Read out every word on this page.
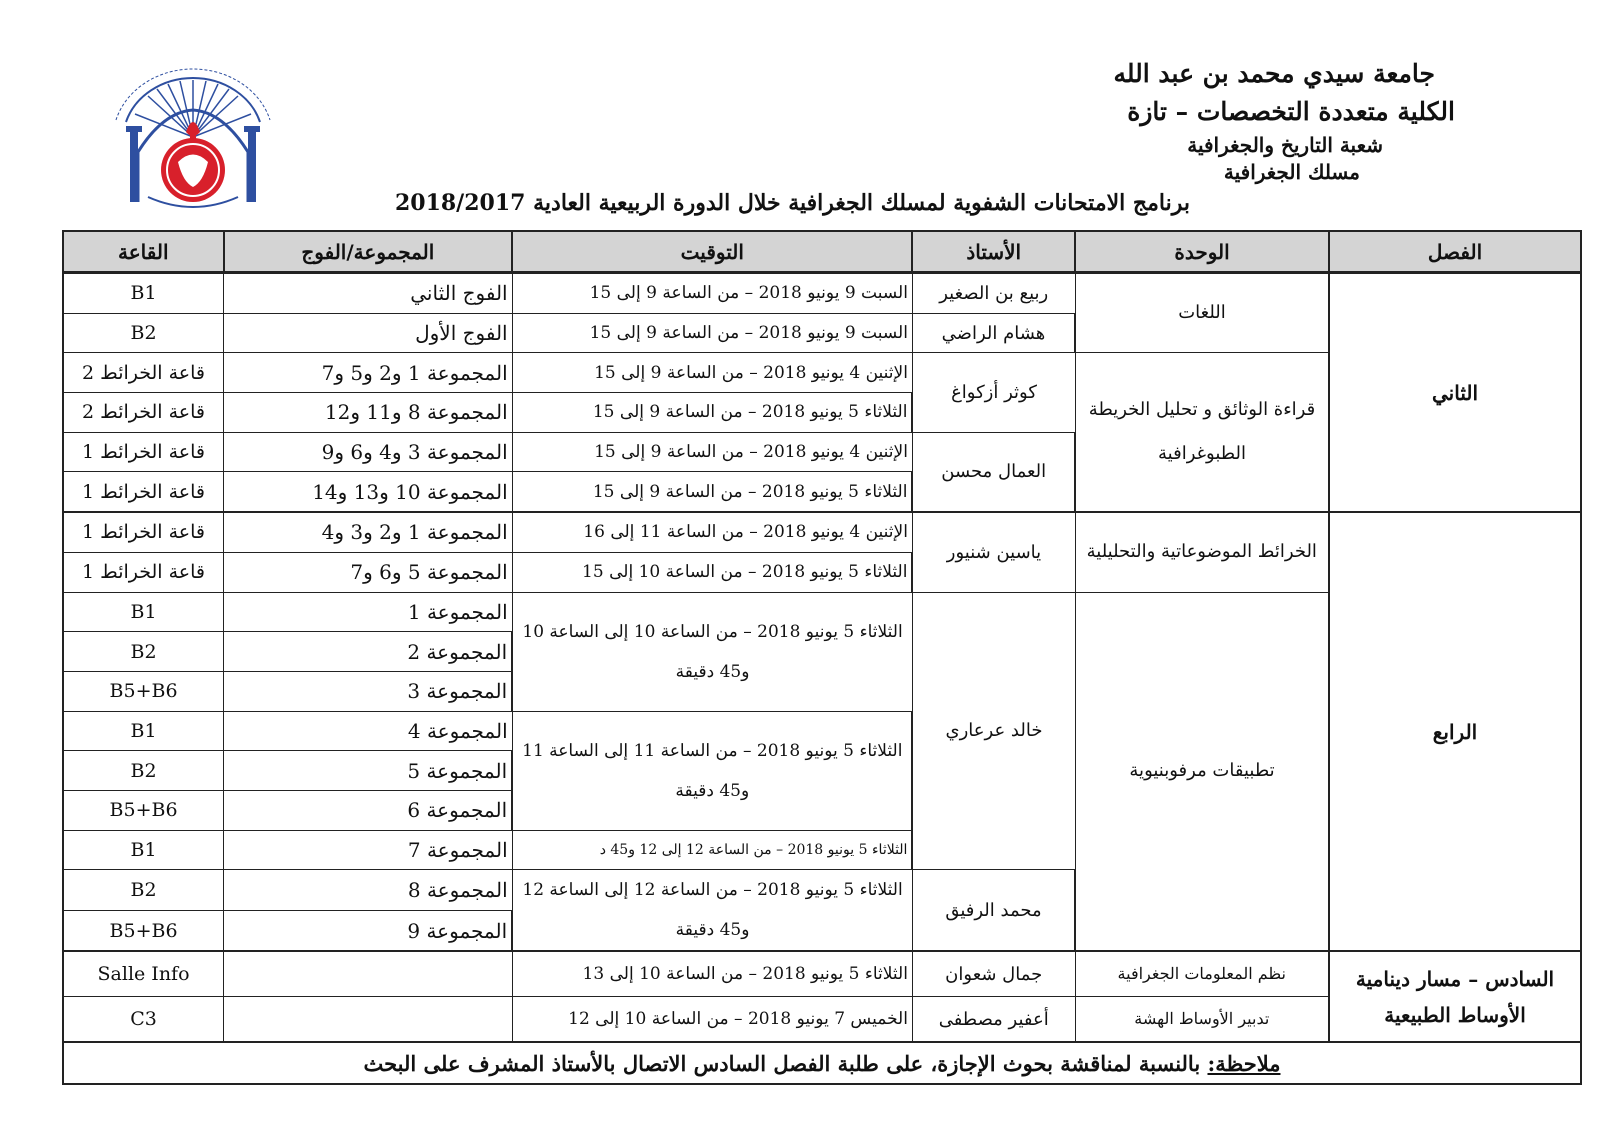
جامعة سيدي محمد بن عبد الله
الكلية متعددة التخصصات – تازة
شعبة التاريخ والجغرافية
مسلك الجغرافية
برنامج الامتحانات الشفوية لمسلك الجغرافية خلال الدورة الربيعية العادية 2018/2017
الفصل	الوحدة	الأستاذ	التوقيت	المجموعة/الفوج	القاعة
الثاني	اللغات	ربيع بن الصغير	السبت 9 يونيو 2018 – من الساعة 9 إلى 15	الفوج الثاني	B1
		هشام الراضي	السبت 9 يونيو 2018 – من الساعة 9 إلى 15	الفوج الأول	B2
	قراءة الوثائق و تحليل الخريطة الطبوغرافية	كوثر أزكواغ	الإثنين 4 يونيو 2018 – من الساعة 9 إلى 15	المجموعة 1 و2 و5 و7	قاعة الخرائط 2
			الثلاثاء 5 يونيو 2018 – من الساعة 9 إلى 15	المجموعة 8 و11 و12	قاعة الخرائط 2
		العمال محسن	الإثنين 4 يونيو 2018 – من الساعة 9 إلى 15	المجموعة 3 و4 و6 و9	قاعة الخرائط 1
			الثلاثاء 5 يونيو 2018 – من الساعة 9 إلى 15	المجموعة 10 و13 و14	قاعة الخرائط 1
الرابع	الخرائط الموضوعاتية والتحليلية	ياسين شنيور	الإثنين 4 يونيو 2018 – من الساعة 11 إلى 16	المجموعة 1 و2 و3 و4	قاعة الخرائط 1
			الثلاثاء 5 يونيو 2018 – من الساعة 10 إلى 15	المجموعة 5 و6 و7	قاعة الخرائط 1
	تطبيقات مرفوبنيوية	خالد عرعاري	الثلاثاء 5 يونيو 2018 – من الساعة 10 إلى الساعة 10 و45 دقيقة	المجموعة 1	B1
				المجموعة 2	B2
				المجموعة 3	B5+B6
			الثلاثاء 5 يونيو 2018 – من الساعة 11 إلى الساعة 11 و45 دقيقة	المجموعة 4	B1
				المجموعة 5	B2
				المجموعة 6	B5+B6
			الثلاثاء 5 يونيو 2018 – من الساعة 12 إلى 12 و45 د	المجموعة 7	B1
		محمد الرفيق	الثلاثاء 5 يونيو 2018 – من الساعة 12 إلى الساعة 12 و45 دقيقة	المجموعة 8	B2
				المجموعة 9	B5+B6
السادس – مسار دينامية الأوساط الطبيعية	نظم المعلومات الجغرافية	جمال شعوان	الثلاثاء 5 يونيو 2018 – من الساعة 10 إلى 13		Salle Info
	تدبير الأوساط الهشة	أعفير مصطفى	الخميس 7 يونيو 2018 – من الساعة 10 إلى 12		C3
ملاحظة: بالنسبة لمناقشة بحوث الإجازة، على طلبة الفصل السادس الاتصال بالأستاذ المشرف على البحث					
